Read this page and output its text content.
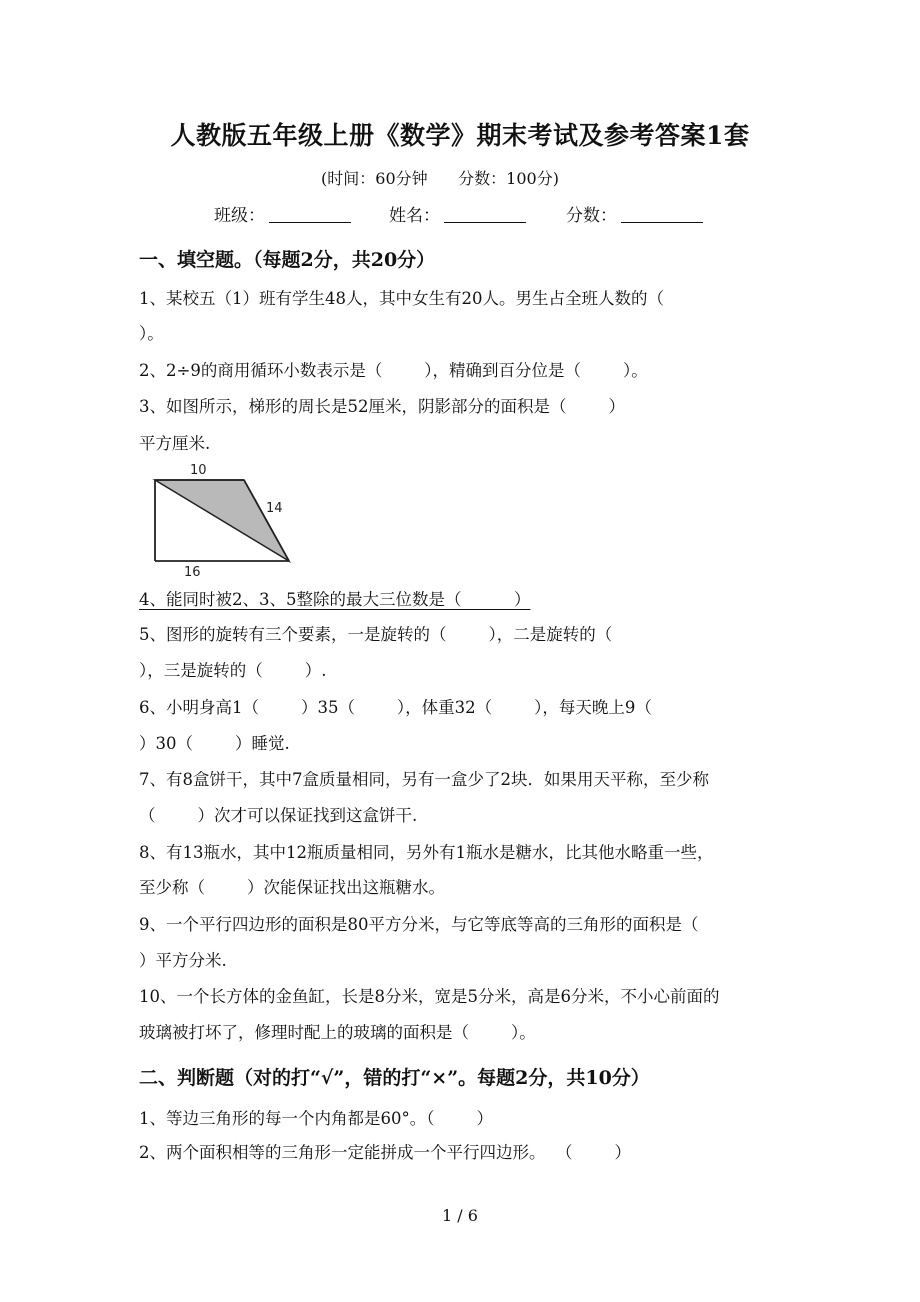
人教版五年级上册《数学》期末考试及参考答案1套
(时间：60分钟      分数：100分)
班级：	姓名：	分数：
一、填空题。（每题2分，共20分）
1、某校五（1）班有学生48人，其中女生有20人。男生占全班人数的（
）。
2、2÷9的商用循环小数表示是（        ），精确到百分位是（        ）。
3、如图所示，梯形的周长是52厘米，阴影部分的面积是（        ）
平方厘米.
10
14
16
4、能同时被2、3、5整除的最大三位数是（          ）
5、图形的旋转有三个要素，一是旋转的（        ），二是旋转的（
），三是旋转的（        ）.
6、小明身高1（        ）35（        ），体重32（        ），每天晚上9（
）30（        ）睡觉.
7、有8盒饼干，其中7盒质量相同，另有一盒少了2块．如果用天平称，至少称
（        ）次才可以保证找到这盒饼干.
8、有13瓶水，其中12瓶质量相同，另外有1瓶水是糖水，比其他水略重一些，
至少称（        ）次能保证找出这瓶糖水。
9、一个平行四边形的面积是80平方分米，与它等底等高的三角形的面积是（
）平方分米.
10、一个长方体的金鱼缸，长是8分米，宽是5分米，高是6分米，不小心前面的
玻璃被打坏了，修理时配上的玻璃的面积是（        ）。
二、判断题（对的打“√”，错的打“×”。每题2分，共10分）
1、等边三角形的每一个内角都是60°。（        ）
2、两个面积相等的三角形一定能拼成一个平行四边形。  （        ）
1 / 6
